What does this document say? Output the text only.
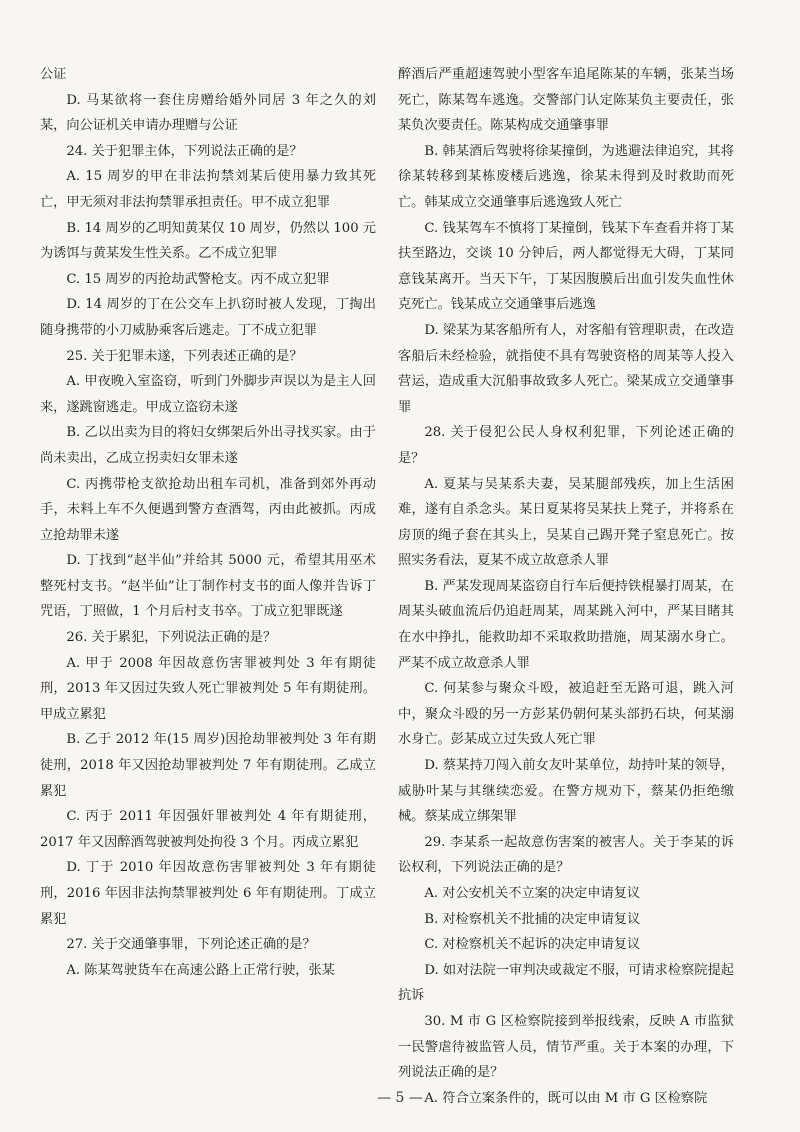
公证

D. 马某欲将一套住房赠给婚外同居 3 年之久的刘某，向公证机关申请办理赠与公证

24. 关于犯罪主体，下列说法正确的是？

A. 15 周岁的甲在非法拘禁刘某后使用暴力致其死亡，甲无须对非法拘禁罪承担责任。甲不成立犯罪

B. 14 周岁的乙明知黄某仅 10 周岁，仍然以 100 元为诱饵与黄某发生性关系。乙不成立犯罪

C. 15 周岁的丙抢劫武警枪支。丙不成立犯罪

D. 14 周岁的丁在公交车上扒窃时被人发现，丁掏出随身携带的小刀威胁乘客后逃走。丁不成立犯罪

25. 关于犯罪未遂，下列表述正确的是？

A. 甲夜晚入室盗窃，听到门外脚步声误以为是主人回来，遂跳窗逃走。甲成立盗窃未遂

B. 乙以出卖为目的将妇女绑架后外出寻找买家。由于尚未卖出，乙成立拐卖妇女罪未遂

C. 丙携带枪支欲抢劫出租车司机，准备到郊外再动手，未料上车不久便遇到警方查酒驾，丙由此被抓。丙成立抢劫罪未遂

D. 丁找到“赵半仙”并给其 5000 元，希望其用巫术整死村支书。“赵半仙”让丁制作村支书的面人像并告诉丁咒语，丁照做，1 个月后村支书卒。丁成立犯罪既遂

26. 关于累犯，下列说法正确的是？

A. 甲于 2008 年因故意伤害罪被判处 3 年有期徒刑，2013 年又因过失致人死亡罪被判处 5 年有期徒刑。甲成立累犯

B. 乙于 2012 年(15 周岁)因抢劫罪被判处 3 年有期徒刑，2018 年又因抢劫罪被判处 7 年有期徒刑。乙成立累犯

C. 丙于 2011 年因强奸罪被判处 4 年有期徒刑，2017 年又因醉酒驾驶被判处拘役 3 个月。丙成立累犯

D. 丁于 2010 年因故意伤害罪被判处 3 年有期徒刑，2016 年因非法拘禁罪被判处 6 年有期徒刑。丁成立累犯

27. 关于交通肇事罪，下列论述正确的是？

A. 陈某驾驶货车在高速公路上正常行驶，张某

醉酒后严重超速驾驶小型客车追尾陈某的车辆，张某当场死亡，陈某驾车逃逸。交警部门认定陈某负主要责任，张某负次要责任。陈某构成交通肇事罪

B. 韩某酒后驾驶将徐某撞倒，为逃避法律追究，其将徐某转移到某栋废楼后逃逸，徐某未得到及时救助而死亡。韩某成立交通肇事后逃逸致人死亡

C. 钱某驾车不慎将丁某撞倒，钱某下车查看并将丁某扶至路边，交谈 10 分钟后，两人都觉得无大碍，丁某同意钱某离开。当天下午，丁某因腹膜后出血引发失血性休克死亡。钱某成立交通肇事后逃逸

D. 梁某为某客船所有人，对客船有管理职责，在改造客船后未经检验，就指使不具有驾驶资格的周某等人投入营运，造成重大沉船事故致多人死亡。梁某成立交通肇事罪

28. 关于侵犯公民人身权利犯罪，下列论述正确的是？

A. 夏某与吴某系夫妻，吴某腿部残疾，加上生活困难，遂有自杀念头。某日夏某将吴某扶上凳子，并将系在房顶的绳子套在其头上，吴某自己踢开凳子窒息死亡。按照实务看法，夏某不成立故意杀人罪

B. 严某发现周某盗窃自行车后便持铁棍暴打周某，在周某头破血流后仍追赶周某，周某跳入河中，严某目睹其在水中挣扎，能救助却不采取救助措施，周某溺水身亡。严某不成立故意杀人罪

C. 何某参与聚众斗殴，被追赶至无路可退，跳入河中，聚众斗殴的另一方彭某仍朝何某头部扔石块，何某溺水身亡。彭某成立过失致人死亡罪

D. 蔡某持刀闯入前女友叶某单位，劫持叶某的领导，威胁叶某与其继续恋爱。在警方规劝下，蔡某仍拒绝缴械。蔡某成立绑架罪

29. 李某系一起故意伤害案的被害人。关于李某的诉讼权利，下列说法正确的是？

A. 对公安机关不立案的决定申请复议

B. 对检察机关不批捕的决定申请复议

C. 对检察机关不起诉的决定申请复议

D. 如对法院一审判决或裁定不服，可请求检察院提起抗诉

30. M 市 G 区检察院接到举报线索，反映 A 市监狱一民警虐待被监管人员，情节严重。关于本案的办理，下列说法正确的是？

A. 符合立案条件的，既可以由 M 市 G 区检察院

— 5 —
